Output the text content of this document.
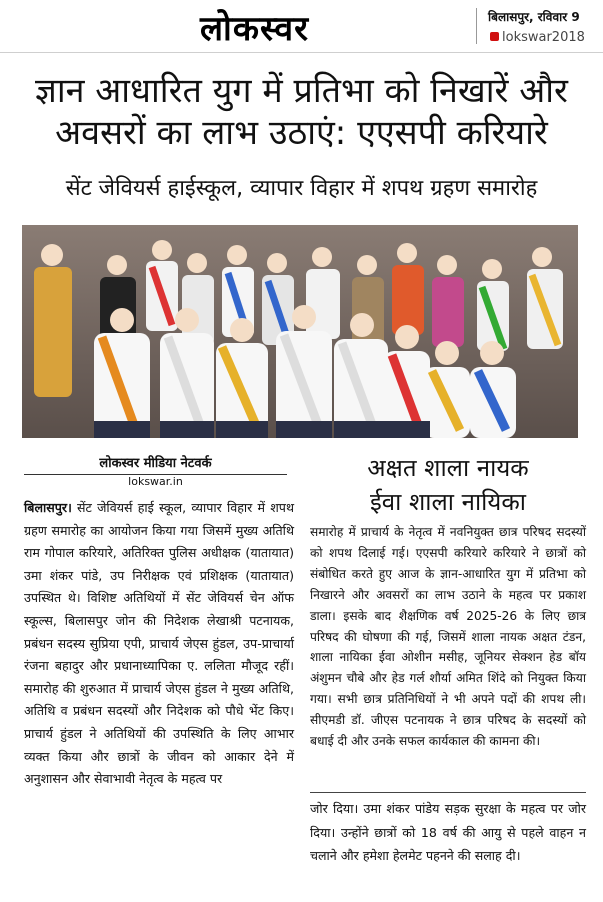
लोकस्वर	बिलासपुर, रविवार 9
lokswar2018
ज्ञान आधारित युग में प्रतिभा को निखारें और
अवसरों का लाभ उठाएं: एएसपी करियारे
सेंट जेवियर्स हाईस्कूल, व्यापार विहार में शपथ ग्रहण समारोह
लोकस्वर मीडिया नेटवर्क
lokswar.in
बिलासपुर। सेंट जेवियर्स हाई स्कूल, व्यापार विहार में शपथ ग्रहण समारोह का आयोजन किया गया जिसमें मुख्य अतिथि राम गोपाल करियारे, अतिरिक्त पुलिस अधीक्षक (यातायात) उमा शंकर पांडे, उप निरीक्षक एवं प्रशिक्षक (यातायात) उपस्थित थे। विशिष्ट अतिथियों में सेंट जेवियर्स चेन ऑफ स्कूल्स, बिलासपुर जोन की निदेशक लेखाश्री पटनायक, प्रबंधन सदस्य सुप्रिया एपी, प्राचार्य जेएस हुंडल, उप-प्राचार्या रंजना बहादुर और प्रधानाध्यापिका ए. ललिता मौजूद रहीं। समारोह की शुरुआत में प्राचार्य जेएस हुंडल ने मुख्य अतिथि, अतिथि व प्रबंधन सदस्यों और निदेशक को पौधे भेंट किए। प्राचार्य हुंडल ने अतिथियों की उपस्थिति के लिए आभार व्यक्त किया और छात्रों के जीवन को आकार देने में अनुशासन और सेवाभावी नेतृत्व के महत्व पर
अक्षत शाला नायक
ईवा शाला नायिका
समारोह में प्राचार्य के नेतृत्व में नवनियुक्त छात्र परिषद सदस्यों को शपथ दिलाई गई। एएसपी करियारे करियारे ने छात्रों को संबोधित करते हुए आज के ज्ञान-आधारित युग में प्रतिभा को निखारने और अवसरों का लाभ उठाने के महत्व पर प्रकाश डाला। इसके बाद शैक्षणिक वर्ष 2025-26 के लिए छात्र परिषद की घोषणा की गई, जिसमें शाला नायक अक्षत टंडन, शाला नायिका ईवा ओशीन मसीह, जूनियर सेक्शन हेड बॉय अंशुमन चौबे और हेड गर्ल शौर्या अमित शिंदे को नियुक्त किया गया। सभी छात्र प्रतिनिधियों ने भी अपने पदों की शपथ ली। सीएमडी डॉ. जीएस पटनायक ने छात्र परिषद के सदस्यों को बधाई दी और उनके सफल कार्यकाल की कामना की।
जोर दिया। उमा शंकर पांडेय सड़क सुरक्षा के महत्व पर जोर दिया। उन्होंने छात्रों को 18 वर्ष की आयु से पहले वाहन न चलाने और हमेशा हेलमेट पहनने की सलाह दी।
